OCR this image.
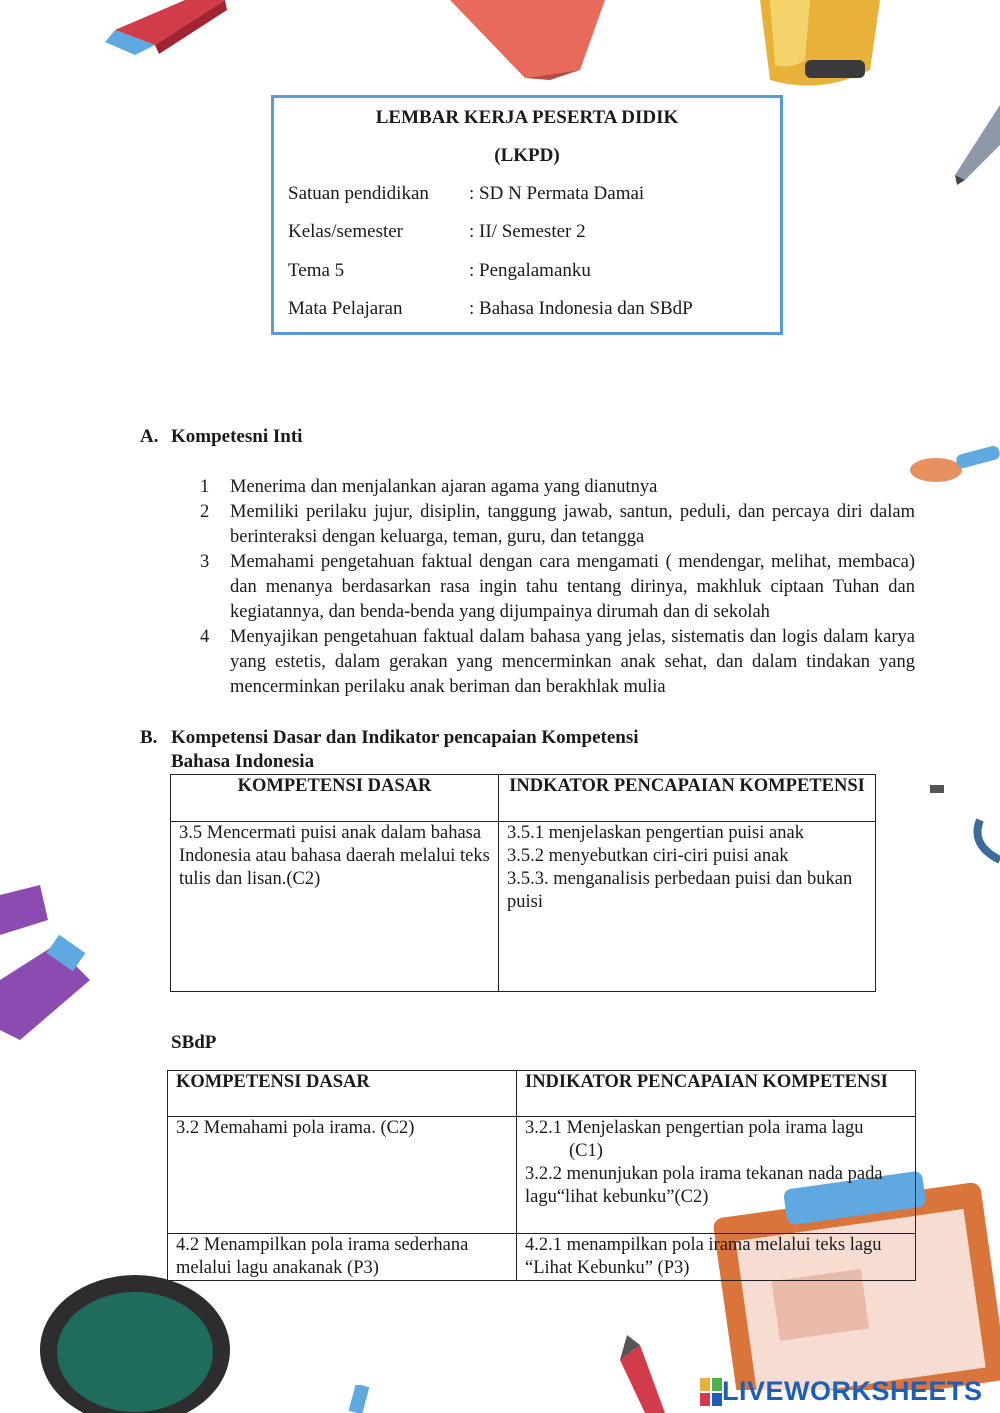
LEMBAR KERJA PESERTA DIDIK
(LKPD)
Satuan pendidikan : SD N Permata Damai
Kelas/semester	: II/ Semester 2
Tema 5	: Pengalamanku
Mata Pelajaran	: Bahasa Indonesia dan SBdP
A. Kompetesni Inti
1 Menerima dan menjalankan ajaran agama yang dianutnya
2 Memiliki perilaku jujur, disiplin, tanggung jawab, santun, peduli, dan percaya diri dalam berinteraksi dengan keluarga, teman, guru, dan tetangga
3 Memahami pengetahuan faktual dengan cara mengamati ( mendengar, melihat, membaca) dan menanya berdasarkan rasa ingin tahu tentang dirinya, makhluk ciptaan Tuhan dan kegiatannya, dan benda-benda yang dijumpainya dirumah dan di sekolah
4 Menyajikan pengetahuan faktual dalam bahasa yang jelas, sistematis dan logis dalam karya yang estetis, dalam gerakan yang mencerminkan anak sehat, dan dalam tindakan yang mencerminkan perilaku anak beriman dan berakhlak mulia
B. Kompetensi Dasar dan Indikator pencapaian Kompetensi
Bahasa Indonesia
KOMPETENSI DASAR	INDKATOR PENCAPAIAN KOMPETENSI
3.5 Mencermati puisi anak dalam bahasa Indonesia atau bahasa daerah melalui teks tulis dan lisan.(C2)	3.5.1 menjelaskan pengertian puisi anak
3.5.2 menyebutkan ciri-ciri puisi anak
3.5.3. menganalisis perbedaan puisi dan bukan puisi
SBdP
KOMPETENSI DASAR	INDIKATOR PENCAPAIAN KOMPETENSI
3.2 Memahami pola irama. (C2)	3.2.1 Menjelaskan pengertian pola irama lagu
(C1)
3.2.2 menunjukan pola irama tekanan nada pada lagu“lihat kebunku”(C2)

4.2 Menampilkan pola irama sederhana melalui lagu anakanak (P3)	4.2.1 menampilkan pola irama melalui teks lagu “Lihat Kebunku” (P3)
LIVEWORKSHEETS
